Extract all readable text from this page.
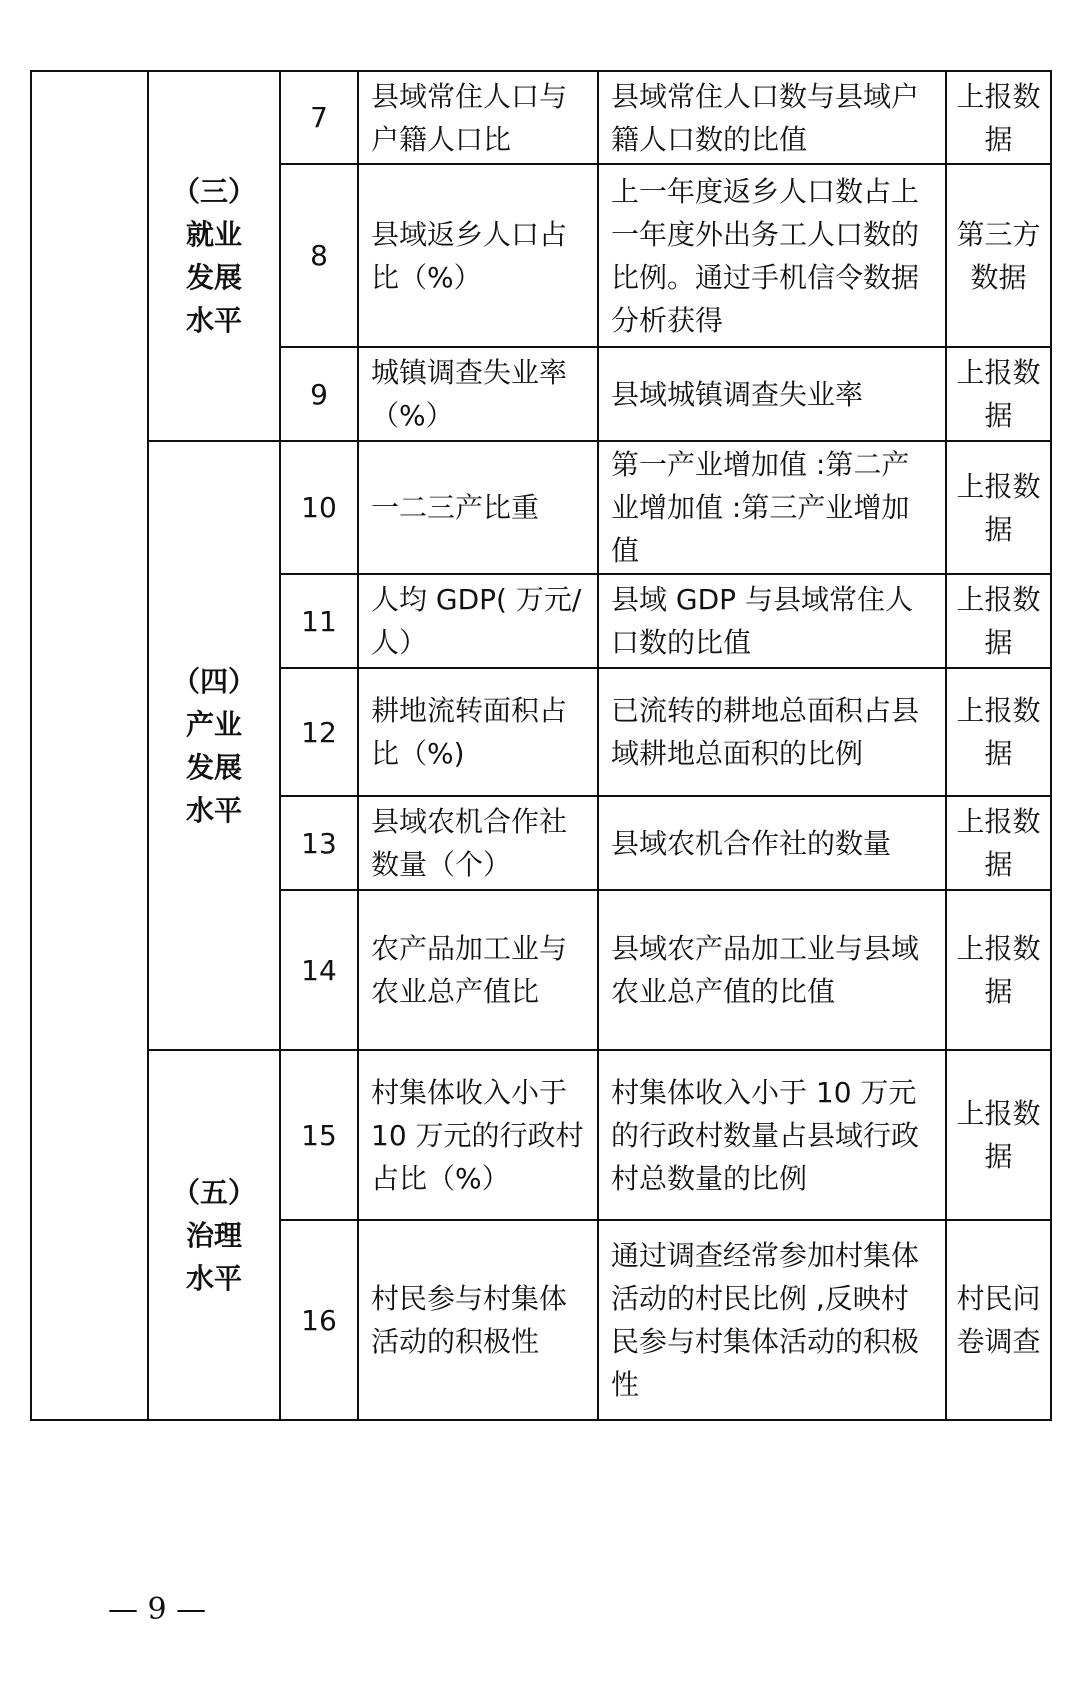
	（三）
就业
发展
水平	7	县域常住人口与户籍人口比	县域常住人口数与县域户籍人口数的比值	上报数据
		8	县域返乡人口占比（%）	上一年度返乡人口数占上一年度外出务工人口数的比例。通过手机信令数据分析获得	第三方数据
		9	城镇调查失业率（%）	县域城镇调查失业率	上报数据

	（四）
产业
发展
水平	10	一二三产比重	第一产业增加值 :第二产业增加值 :第三产业增加值	上报数据
		11	人均 GDP( 万元/人）	县域 GDP 与县域常住人口数的比值	上报数据
		12	耕地流转面积占比（%)	已流转的耕地总面积占县域耕地总面积的比例	上报数据
		13	县域农机合作社数量（个）	县域农机合作社的数量	上报数据
		14	农产品加工业与农业总产值比	县域农产品加工业与县域农业总产值的比值	上报数据

	（五）
治理
水平	15	村集体收入小于 10 万元的行政村占比（%）	村集体收入小于 10 万元的行政村数量占县域行政村总数量的比例	上报数据
		16	村民参与村集体活动的积极性	通过调查经常参加村集体活动的村民比例 ,反映村民参与村集体活动的积极性	村民问卷调查
— 9 —
